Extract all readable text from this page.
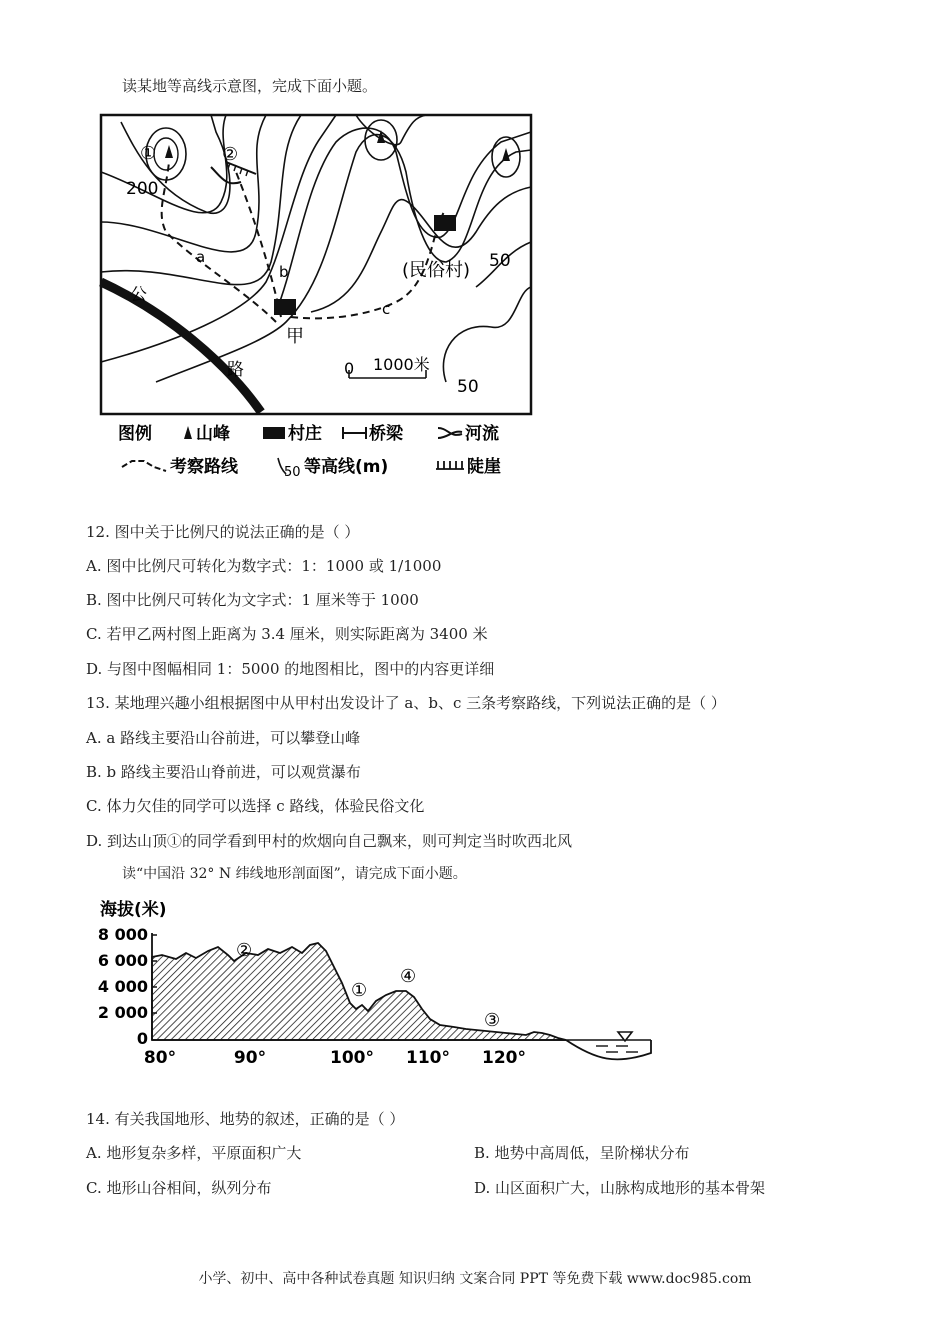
读某地等高线示意图，完成下面小题。
①	②
200
a
b
c
(民俗村) 50
50
甲
公
路	0 1000米
图例	山峰	村庄	桥梁	河流
考察路线	50 等高线(m)	陡崖
12. 图中关于比例尺的说法正确的是（ ）
A. 图中比例尺可转化为数字式：1：1000 或 1/1000
B. 图中比例尺可转化为文字式：1 厘米等于 1000
C. 若甲乙两村图上距离为 3.4 厘米，则实际距离为 3400 米
D. 与图中图幅相同 1：5000 的地图相比，图中的内容更详细
13. 某地理兴趣小组根据图中从甲村出发设计了 a、b、c 三条考察路线，下列说法正确的是（ ）
A. a 路线主要沿山谷前进，可以攀登山峰
B. b 路线主要沿山脊前进，可以观赏瀑布
C. 体力欠佳的同学可以选择 c 路线，体验民俗文化
D. 到达山顶①的同学看到甲村的炊烟向自己飘来，则可判定当时吹西北风
读“中国沿 32° N 纬线地形剖面图”，请完成下面小题。
海拔(米)
8 000
6 000
4 000
2 000
0
①
②
③
④
80°	90°	100° 110° 120°
14. 有关我国地形、地势的叙述，正确的是（ ）
A. 地形复杂多样，平原面积广大	B. 地势中高周低，呈阶梯状分布
C. 地形山谷相间，纵列分布	D. 山区面积广大，山脉构成地形的基本骨架
小学、初中、高中各种试卷真题 知识归纳 文案合同 PPT 等免费下载 www.doc985.com
